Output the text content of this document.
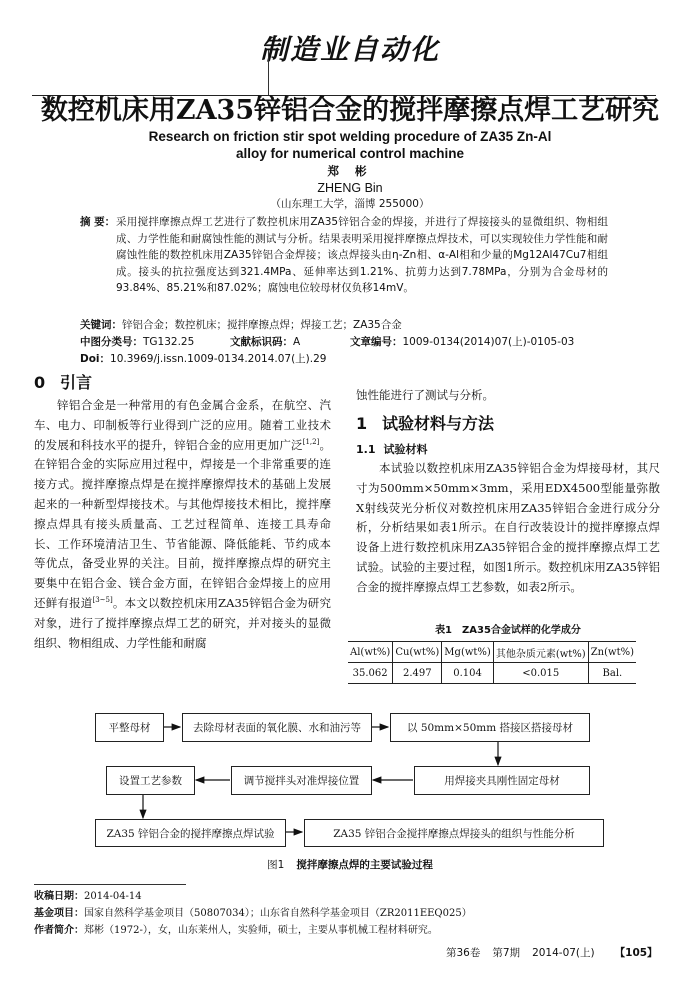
制造业自动化
数控机床用ZA35锌铝合金的搅拌摩擦点焊工艺研究
Research on friction stir spot welding procedure of ZA35 Zn-Al
alloy for numerical control machine
郑 彬
ZHENG Bin
（山东理工大学，淄博 255000）
摘 要： 采用搅拌摩擦点焊工艺进行了数控机床用ZA35锌铝合金的焊接，并进行了焊接接头的显微组织、物相组成、力学性能和耐腐蚀性能的测试与分析。结果表明采用搅拌摩擦点焊技术，可以实现较佳力学性能和耐腐蚀性能的数控机床用ZA35锌铝合金焊接；该点焊接头由η-Zn相、α-Al相和少量的Mg12Al47Cu7相组成。接头的抗拉强度达到321.4MPa、延伸率达到1.21%、抗剪力达到7.78MPa，分别为合金母材的93.84%、85.21%和87.02%；腐蚀电位较母材仅负移14mV。
关键词：锌铝合金；数控机床；搅拌摩擦点焊；焊接工艺；ZA35合金
中图分类号：TG132.25	文献标识码：A	文章编号：1009-0134(2014)07(上)-0105-03
Doi：10.3969/j.issn.1009-0134.2014.07(上).29
0 引言

锌铝合金是一种常用的有色金属合金系，在航空、汽车、电力、印制板等行业得到广泛的应用。随着工业技术的发展和科技水平的提升，锌铝合金的应用更加广泛[1,2]。在锌铝合金的实际应用过程中，焊接是一个非常重要的连接方式。搅拌摩擦点焊是在搅拌摩擦焊技术的基础上发展起来的一种新型焊接技术。与其他焊接技术相比，搅拌摩擦点焊具有接头质量高、工艺过程简单、连接工具寿命长、工作环境清洁卫生、节省能源、降低能耗、节约成本等优点，备受业界的关注。目前，搅拌摩擦点焊的研究主要集中在铝合金、镁合金方面，在锌铝合金焊接上的应用还鲜有报道[3~5]。本文以数控机床用ZA35锌铝合金为研究对象，进行了搅拌摩擦点焊工艺的研究，并对接头的显微组织、物相组成、力学性能和耐腐

蚀性能进行了测试与分析。
1 试验材料与方法
1.1 试验材料

本试验以数控机床用ZA35锌铝合金为焊接母材，其尺寸为500mm×50mm×3mm，采用EDX4500型能量弥散X射线荧光分析仪对数控机床用ZA35锌铝合金进行成分分析，分析结果如表1所示。在自行改装设计的搅拌摩擦点焊设备上进行数控机床用ZA35锌铝合金的搅拌摩擦点焊工艺试验。试验的主要过程，如图1所示。数控机床用ZA35锌铝合金的搅拌摩擦点焊工艺参数，如表2所示。

表1　ZA35合金试样的化学成分
Al(wt%)	Cu(wt%)	Mg(wt%)	其他杂质元素(wt%)	Zn(wt%)
35.062	2.497	0.104	<0.015	Bal.
平整母材	去除母材表面的氧化膜、水和油污等	以 50mm×50mm 搭接区搭接母材
用焊接夹具刚性固定母材
调节搅拌头对准焊接位置
设置工艺参数
ZA35 锌铝合金的搅拌摩擦点焊试验	ZA35 锌铝合金搅拌摩擦点焊接头的组织与性能分析
图1 搅拌摩擦点焊的主要试验过程
收稿日期：2014-04-14
基金项目：国家自然科学基金项目（50807034）；山东省自然科学基金项目（ZR2011EEQ025）
作者简介：郑彬（1972-），女，山东莱州人，实验师，硕士，主要从事机械工程材料研究。
第36卷 第7期 2014-07(上) 【105】
